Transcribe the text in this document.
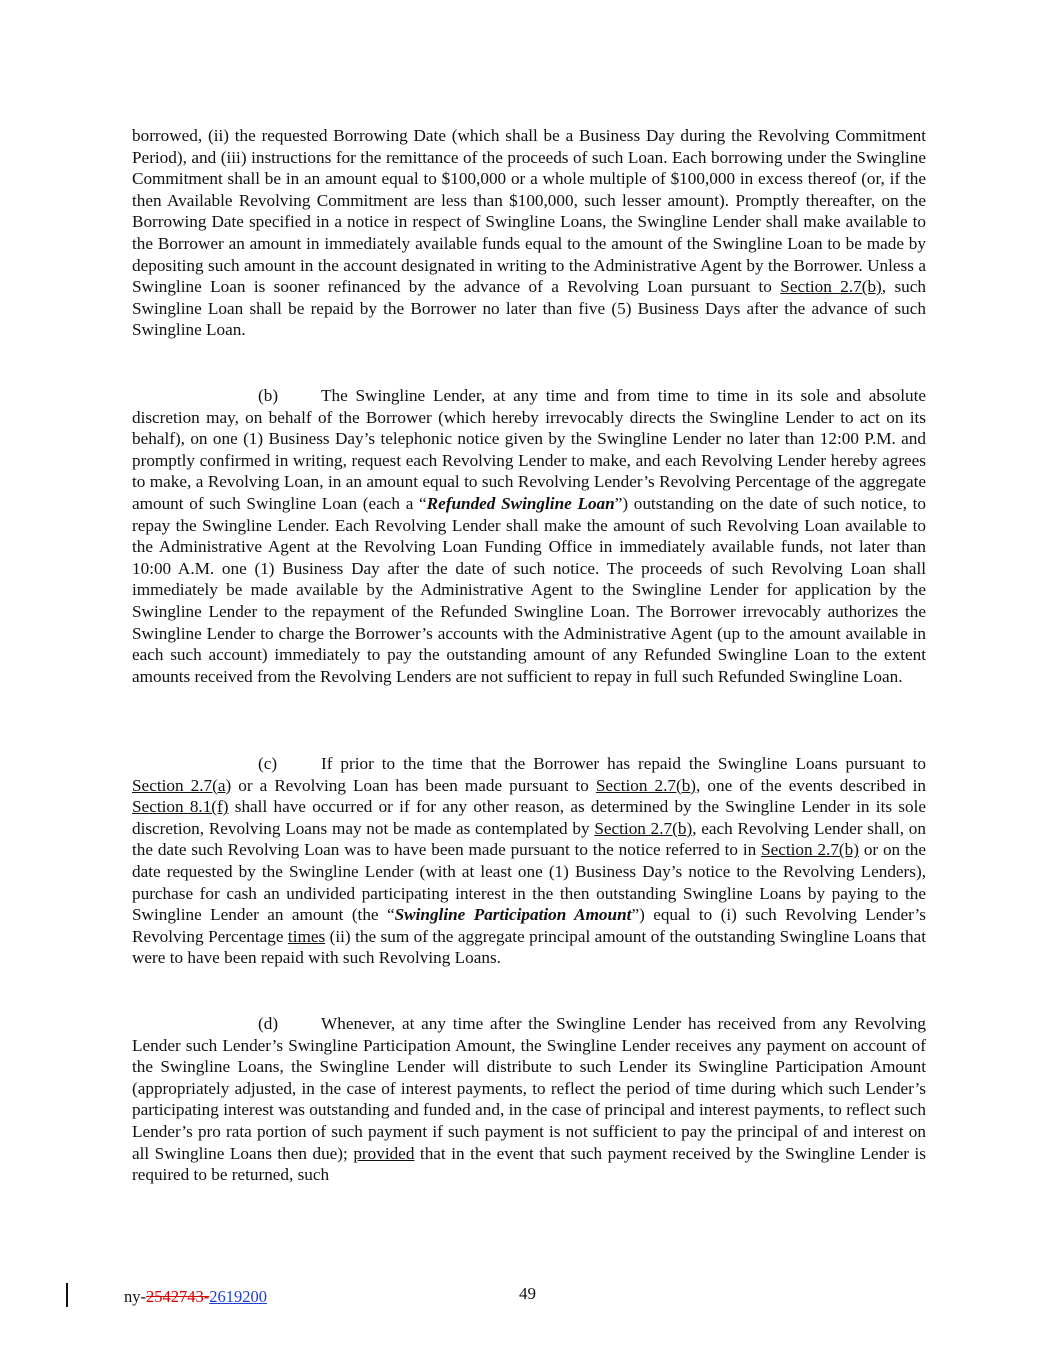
borrowed, (ii) the requested Borrowing Date (which shall be a Business Day during the Revolving Commitment Period), and (iii) instructions for the remittance of the proceeds of such Loan. Each borrowing under the Swingline Commitment shall be in an amount equal to $100,000 or a whole multiple of $100,000 in excess thereof (or, if the then Available Revolving Commitment are less than $100,000, such lesser amount). Promptly thereafter, on the Borrowing Date specified in a notice in respect of Swingline Loans, the Swingline Lender shall make available to the Borrower an amount in immediately available funds equal to the amount of the Swingline Loan to be made by depositing such amount in the account designated in writing to the Administrative Agent by the Borrower. Unless a Swingline Loan is sooner refinanced by the advance of a Revolving Loan pursuant to Section 2.7(b), such Swingline Loan shall be repaid by the Borrower no later than five (5) Business Days after the advance of such Swingline Loan.

(b) The Swingline Lender, at any time and from time to time in its sole and absolute discretion may, on behalf of the Borrower (which hereby irrevocably directs the Swingline Lender to act on its behalf), on one (1) Business Day’s telephonic notice given by the Swingline Lender no later than 12:00 P.M. and promptly confirmed in writing, request each Revolving Lender to make, and each Revolving Lender hereby agrees to make, a Revolving Loan, in an amount equal to such Revolving Lender’s Revolving Percentage of the aggregate amount of such Swingline Loan (each a “Refunded Swingline Loan”) outstanding on the date of such notice, to repay the Swingline Lender. Each Revolving Lender shall make the amount of such Revolving Loan available to the Administrative Agent at the Revolving Loan Funding Office in immediately available funds, not later than 10:00 A.M. one (1) Business Day after the date of such notice. The proceeds of such Revolving Loan shall immediately be made available by the Administrative Agent to the Swingline Lender for application by the Swingline Lender to the repayment of the Refunded Swingline Loan. The Borrower irrevocably authorizes the Swingline Lender to charge the Borrower’s accounts with the Administrative Agent (up to the amount available in each such account) immediately to pay the outstanding amount of any Refunded Swingline Loan to the extent amounts received from the Revolving Lenders are not sufficient to repay in full such Refunded Swingline Loan.

(c)	If prior to the time that the Borrower has repaid the Swingline Loans pursuant to Section 2.7(a) or a Revolving Loan has been made pursuant to Section 2.7(b), one of the events described in Section 8.1(f) shall have occurred or if for any other reason, as determined by the Swingline Lender in its sole discretion, Revolving Loans may not be made as contemplated by Section 2.7(b), each Revolving Lender shall, on the date such Revolving Loan was to have been made pursuant to the notice referred to in Section 2.7(b) or on the date requested by the Swingline Lender (with at least one (1) Business Day’s notice to the Revolving Lenders), purchase for cash an undivided participating interest in the then outstanding Swingline Loans by paying to the Swingline Lender an amount (the “Swingline Participation Amount”) equal to (i) such Revolving Lender’s Revolving Percentage times (ii) the sum of the aggregate principal amount of the outstanding Swingline Loans that were to have been repaid with such Revolving Loans.

(d) Whenever, at any time after the Swingline Lender has received from any Revolving Lender such Lender’s Swingline Participation Amount, the Swingline Lender receives any payment on account of the Swingline Loans, the Swingline Lender will distribute to such Lender its Swingline Participation Amount (appropriately adjusted, in the case of interest payments, to reflect the period of time during which such Lender’s participating interest was outstanding and funded and, in the case of principal and interest payments, to reflect such Lender’s pro rata portion of such payment if such payment is not sufficient to pay the principal of and interest on all Swingline Loans then due); provided that in the event that such payment received by the Swingline Lender is required to be returned, such

ny-2542743-2619200	49
